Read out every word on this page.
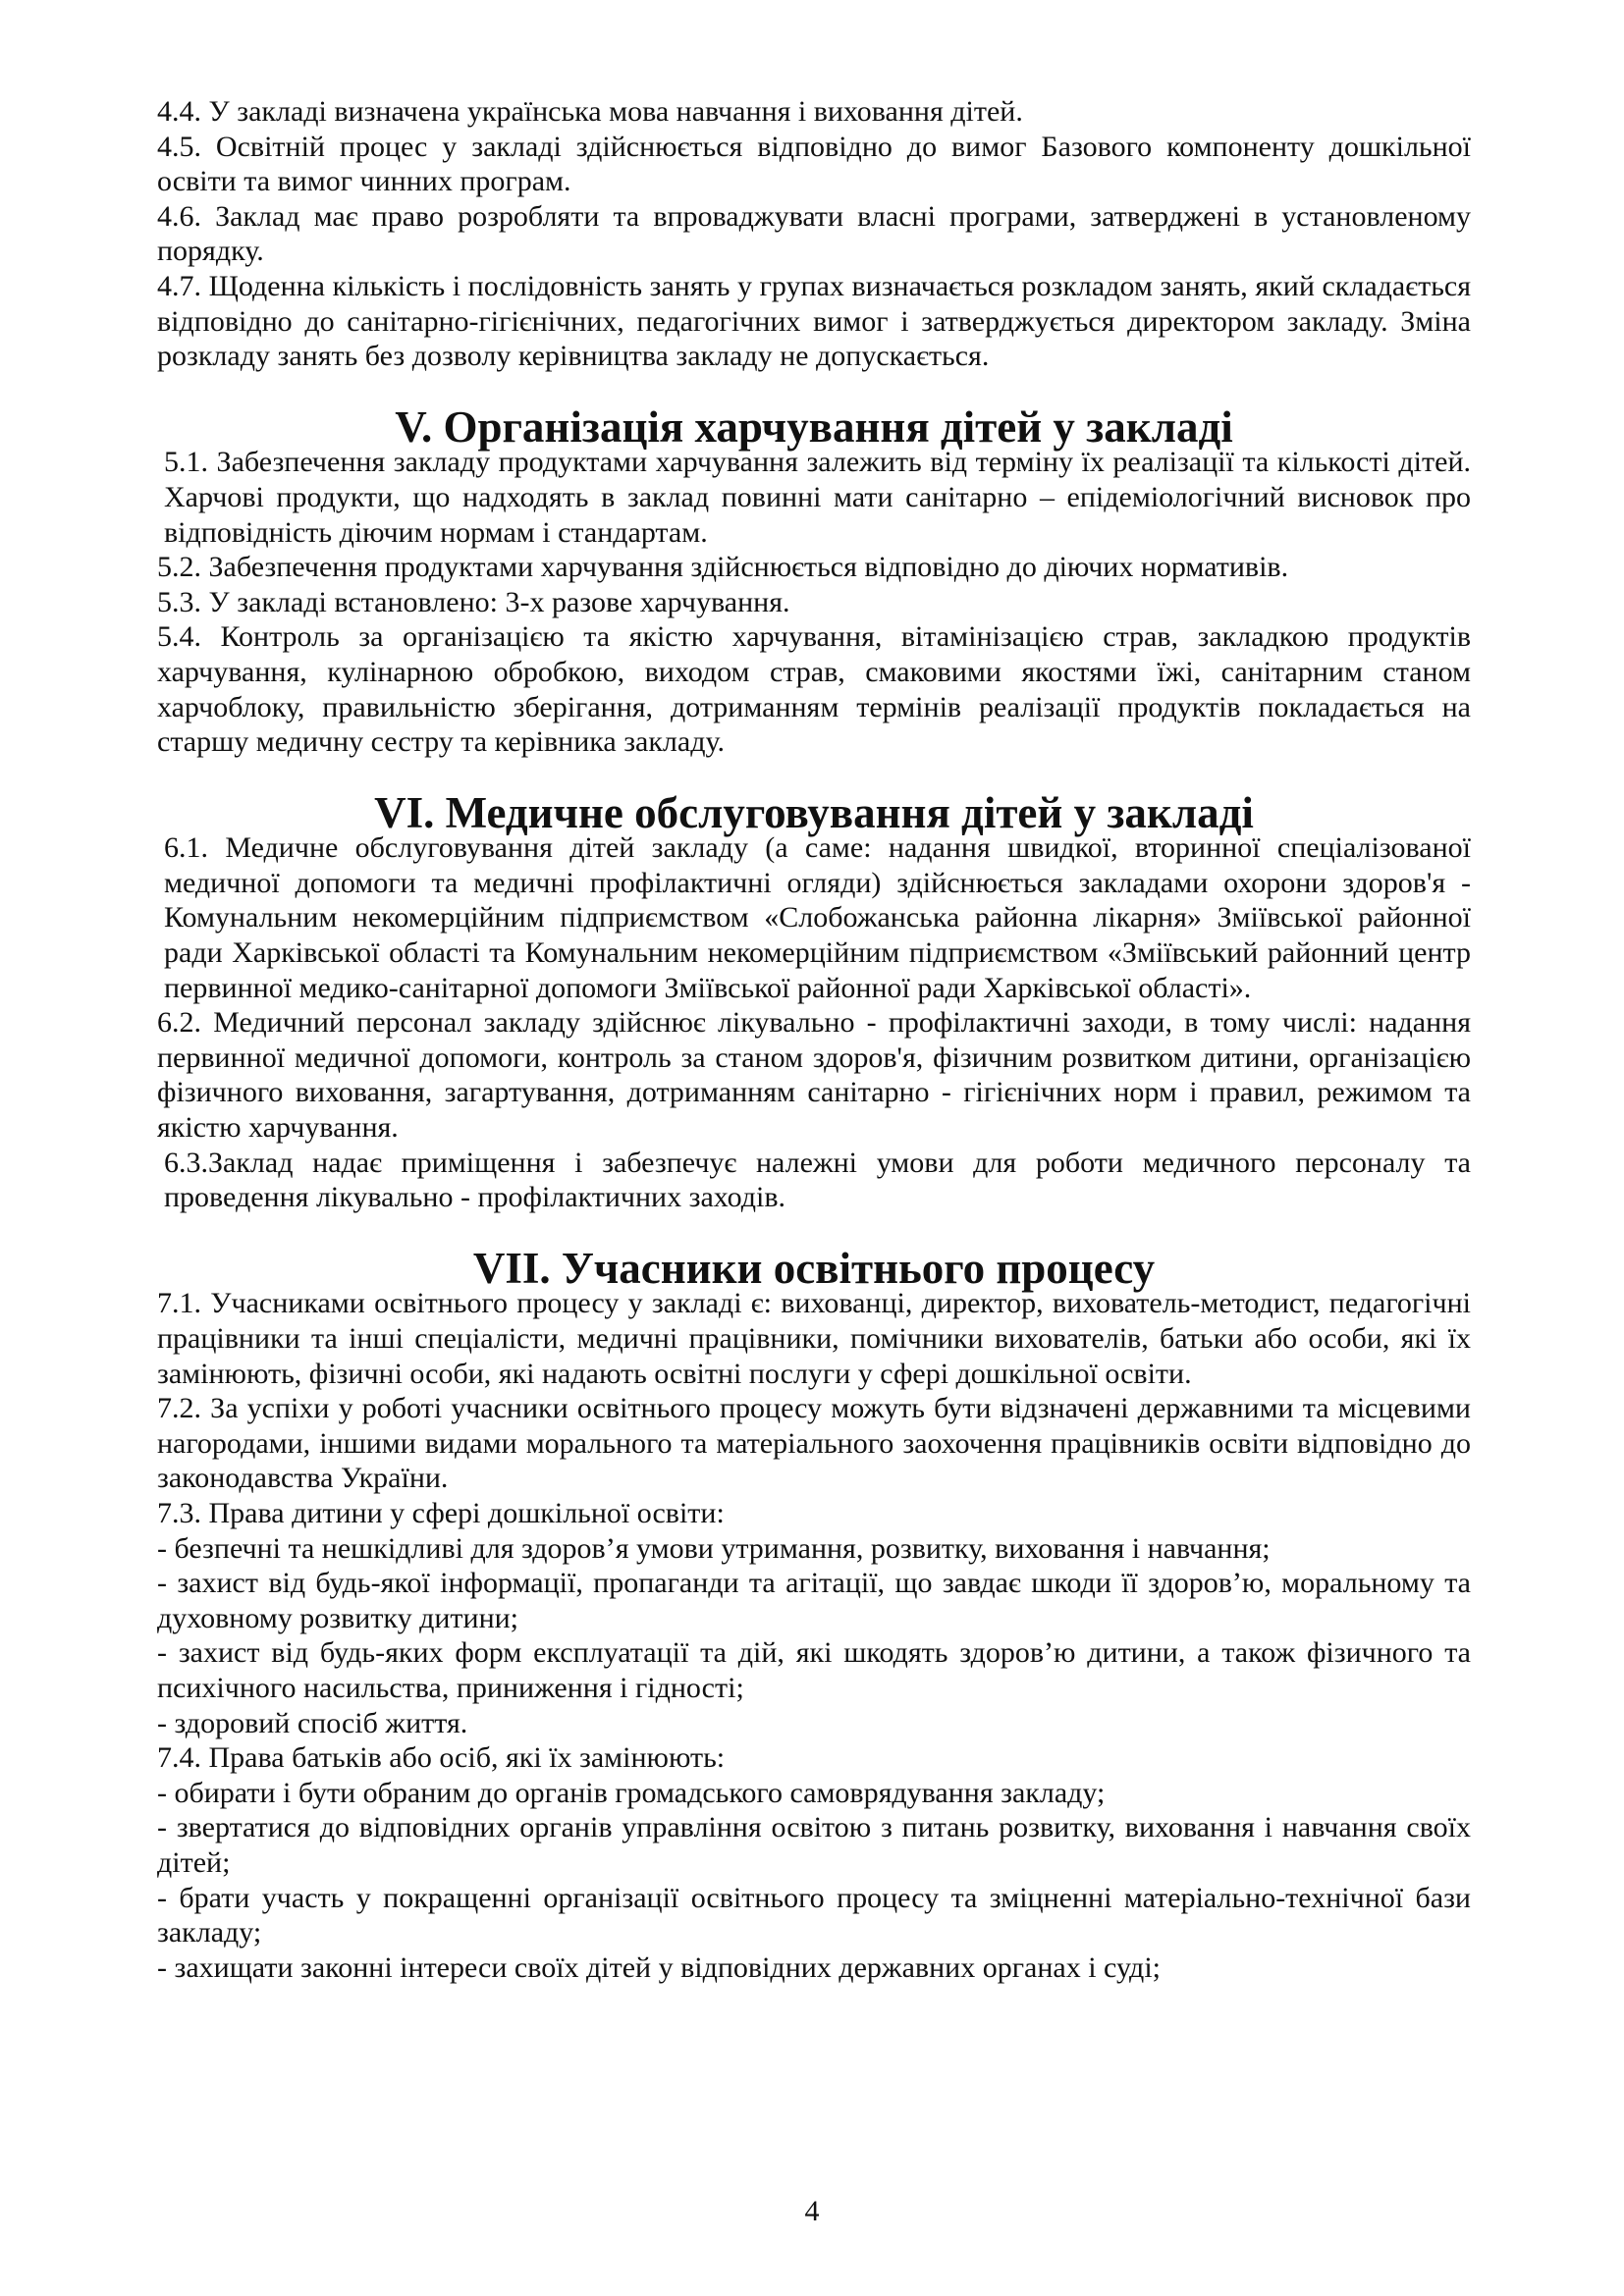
4.4. У закладі визначена українська мова навчання і виховання дітей.

4.5. Освітній процес у закладі здійснюється відповідно до вимог Базового компоненту дошкільної освіти та вимог чинних програм.

4.6. Заклад має право розробляти та впроваджувати власні програми, затверджені в установленому порядку.

4.7. Щоденна кількість і послідовність занять у групах визначається розкладом занять, який складається відповідно до санітарно-гігієнічних, педагогічних вимог і затверджується директором закладу. Зміна розкладу занять без дозволу керівництва закладу не допускається.

V. Організація харчування дітей у закладі

5.1. Забезпечення закладу продуктами харчування залежить від терміну їх реалізації та кількості дітей. Харчові продукти, що надходять в заклад повинні мати санітарно – епідеміологічний висновок про відповідність діючим нормам і стандартам.

5.2. Забезпечення продуктами харчування здійснюється відповідно до діючих нормативів.

5.3. У закладі встановлено: 3-х разове харчування.

5.4. Контроль за організацією та якістю харчування, вітамінізацією страв, закладкою продуктів харчування, кулінарною обробкою, виходом страв, смаковими якостями їжі, санітарним станом харчоблоку, правильністю зберігання, дотриманням термінів реалізації продуктів покладається на старшу медичну сестру та керівника закладу.

VI. Медичне обслуговування дітей у закладі

6.1. Медичне обслуговування дітей закладу (а саме: надання швидкої, вторинної спеціалізованої медичної допомоги та медичні профілактичні огляди) здійснюється закладами охорони здоров'я - Комунальним некомерційним підприємством «Слобожанська районна лікарня» Зміївської районної ради Харківської області та Комунальним некомерційним підприємством «Зміївський районний центр первинної медико-санітарної допомоги Зміївської районної ради Харківської області».

6.2. Медичний персонал закладу здійснює лікувально - профілактичні заходи, в тому числі: надання первинної медичної допомоги, контроль за станом здоров'я, фізичним розвитком дитини, організацією фізичного виховання, загартування, дотриманням санітарно - гігієнічних норм і правил, режимом та якістю харчування.

6.3.Заклад надає приміщення і забезпечує належні умови для роботи медичного персоналу та проведення лікувально - профілактичних заходів.

VII. Учасники освітнього процесу

7.1. Учасниками освітнього процесу у закладі є: вихованці, директор, вихователь-методист, педагогічні працівники та інші спеціалісти, медичні працівники, помічники вихователів, батьки або особи, які їх замінюють, фізичні особи, які надають освітні послуги у сфері дошкільної освіти.

7.2. За успіхи у роботі учасники освітнього процесу можуть бути відзначені державними та місцевими нагородами, іншими видами морального та матеріального заохочення працівників освіти відповідно до законодавства України.

7.3. Права дитини у сфері дошкільної освіти:

- безпечні та нешкідливі для здоров’я умови утримання, розвитку, виховання і навчання;

- захист від будь-якої інформації, пропаганди та агітації, що завдає шкоди її здоров’ю, моральному та духовному розвитку дитини;

- захист від будь-яких форм експлуатації та дій, які шкодять здоров’ю дитини, а також фізичного та психічного насильства, приниження і гідності;

- здоровий спосіб життя.

7.4. Права батьків або осіб, які їх замінюють:

- обирати і бути обраним до органів громадського самоврядування закладу;

- звертатися до відповідних органів управління освітою з питань розвитку, виховання і навчання своїх дітей;

- брати участь у покращенні організації освітнього процесу та зміцненні матеріально-технічної бази закладу;

- захищати законні інтереси своїх дітей у відповідних державних органах і суді;

4
